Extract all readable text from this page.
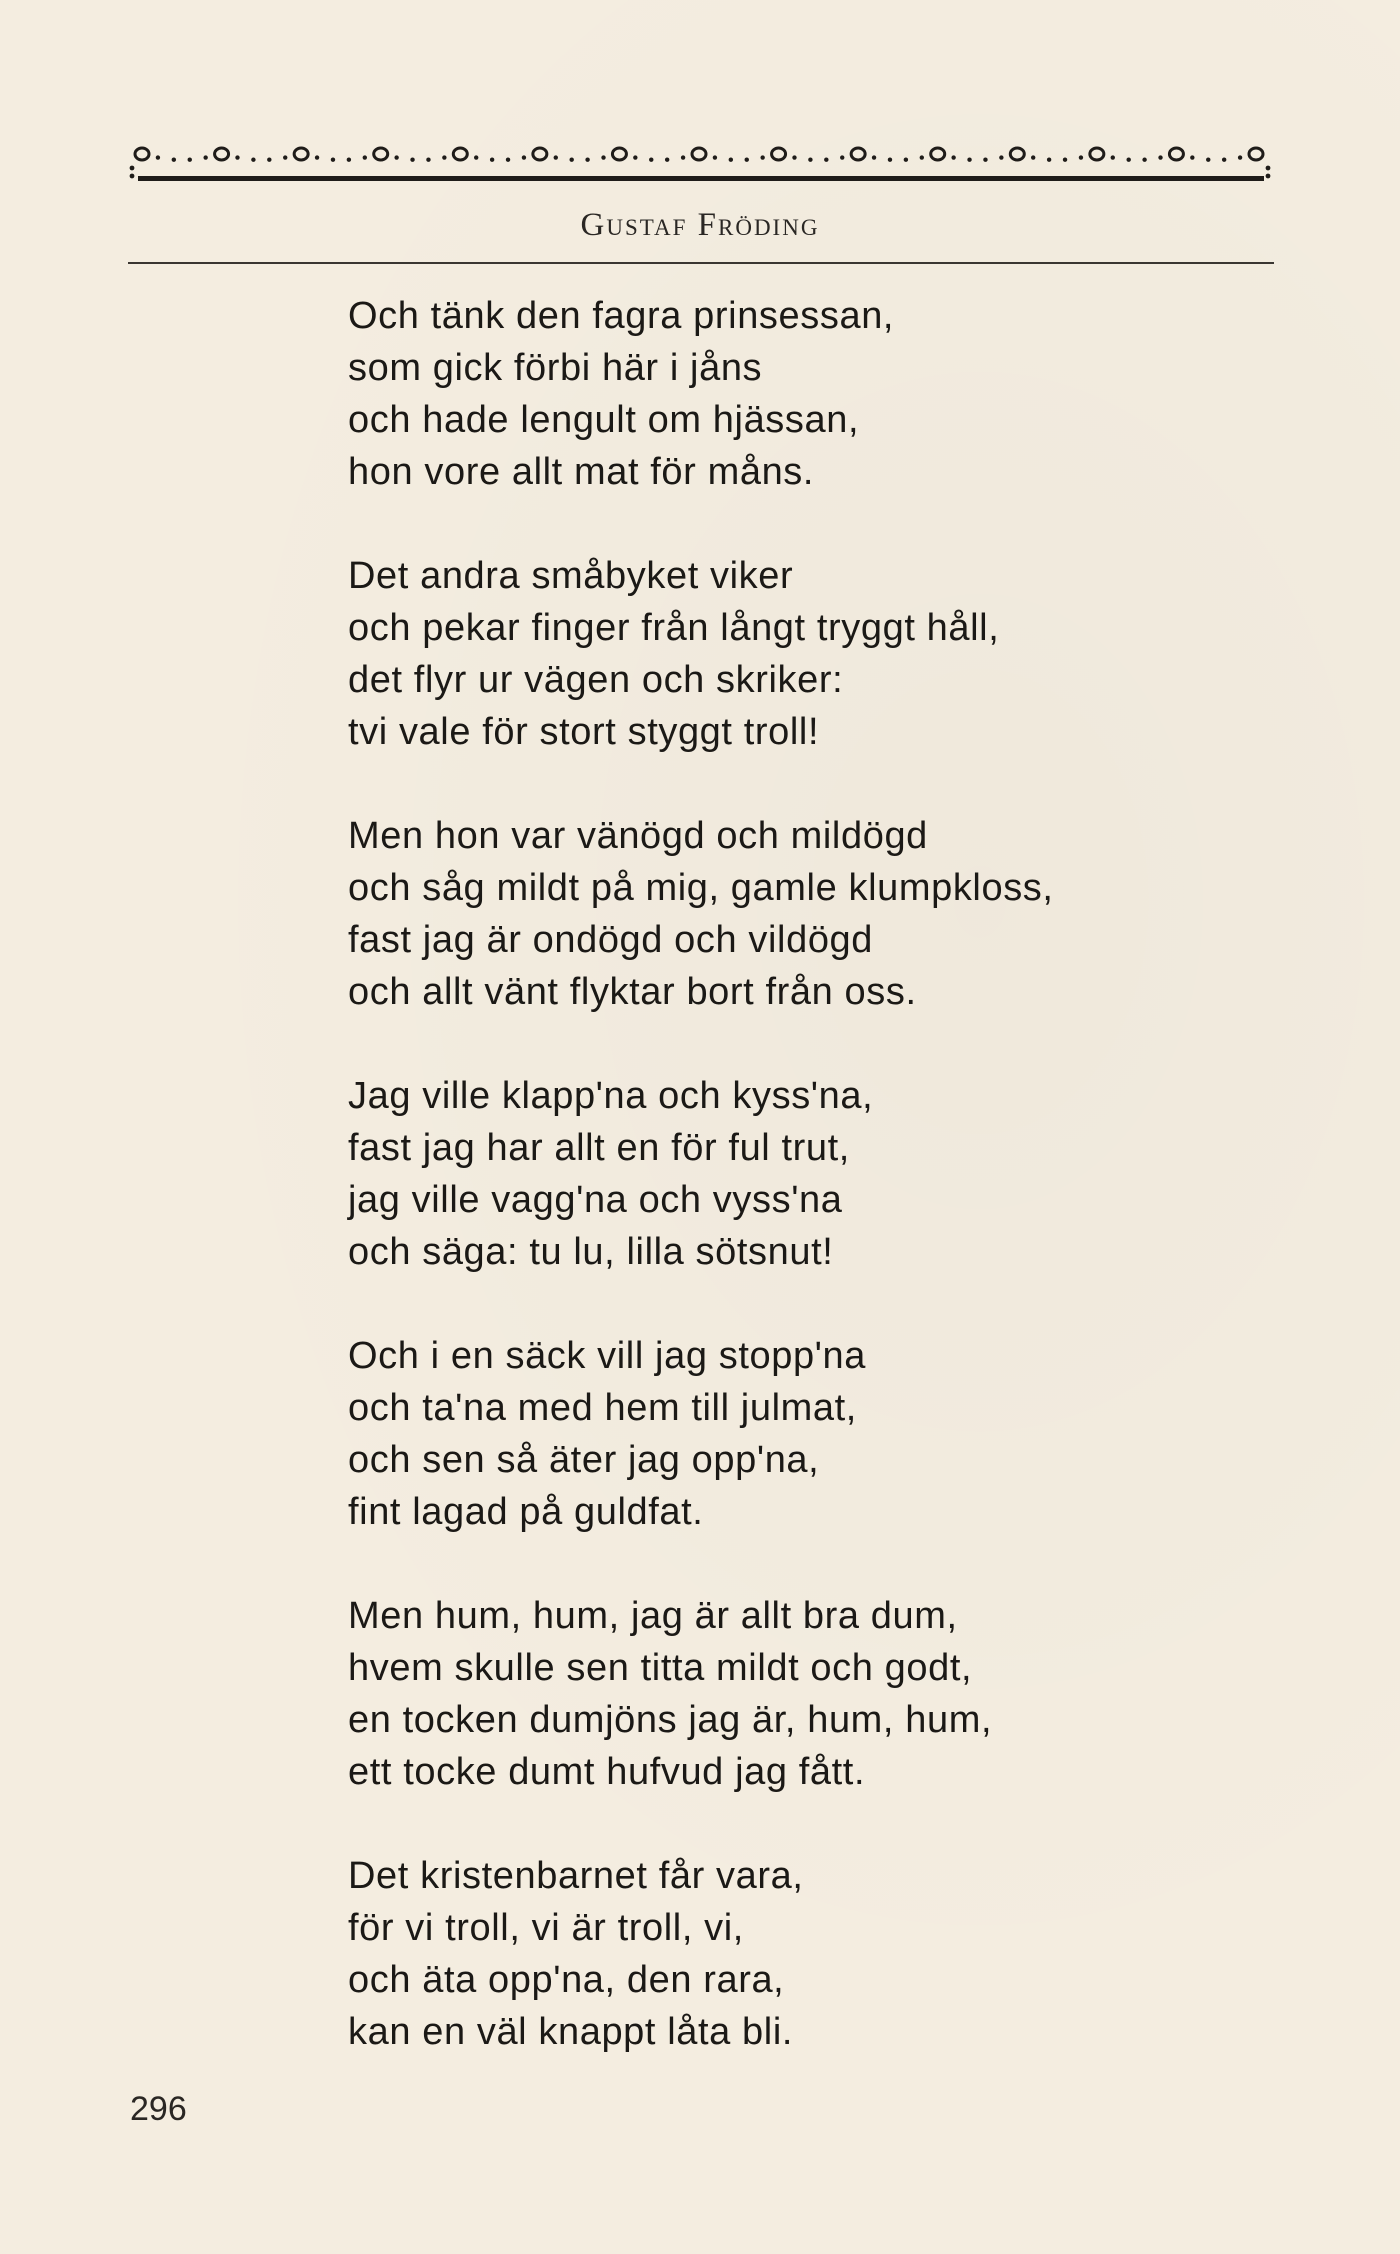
Gustaf Fröding
Och tänk den fagra prinsessan,
som gick förbi här i jåns
och hade lengult om hjässan,
hon vore allt mat för måns.
Det andra småbyket viker
och pekar finger från långt tryggt håll,
det flyr ur vägen och skriker:
tvi vale för stort styggt troll!
Men hon var vänögd och mildögd
och såg mildt på mig, gamle klumpkloss,
fast jag är ondögd och vildögd
och allt vänt flyktar bort från oss.
Jag ville klapp'na och kyss'na,
fast jag har allt en för ful trut,
jag ville vagg'na och vyss'na
och säga: tu lu, lilla sötsnut!
Och i en säck vill jag stopp'na
och ta'na med hem till julmat,
och sen så äter jag opp'na,
fint lagad på guldfat.
Men hum, hum, jag är allt bra dum,
hvem skulle sen titta mildt och godt,
en tocken dumjöns jag är, hum, hum,
ett tocke dumt hufvud jag fått.
Det kristenbarnet får vara,
för vi troll, vi är troll, vi,
och äta opp'na, den rara,
kan en väl knappt låta bli.
296
